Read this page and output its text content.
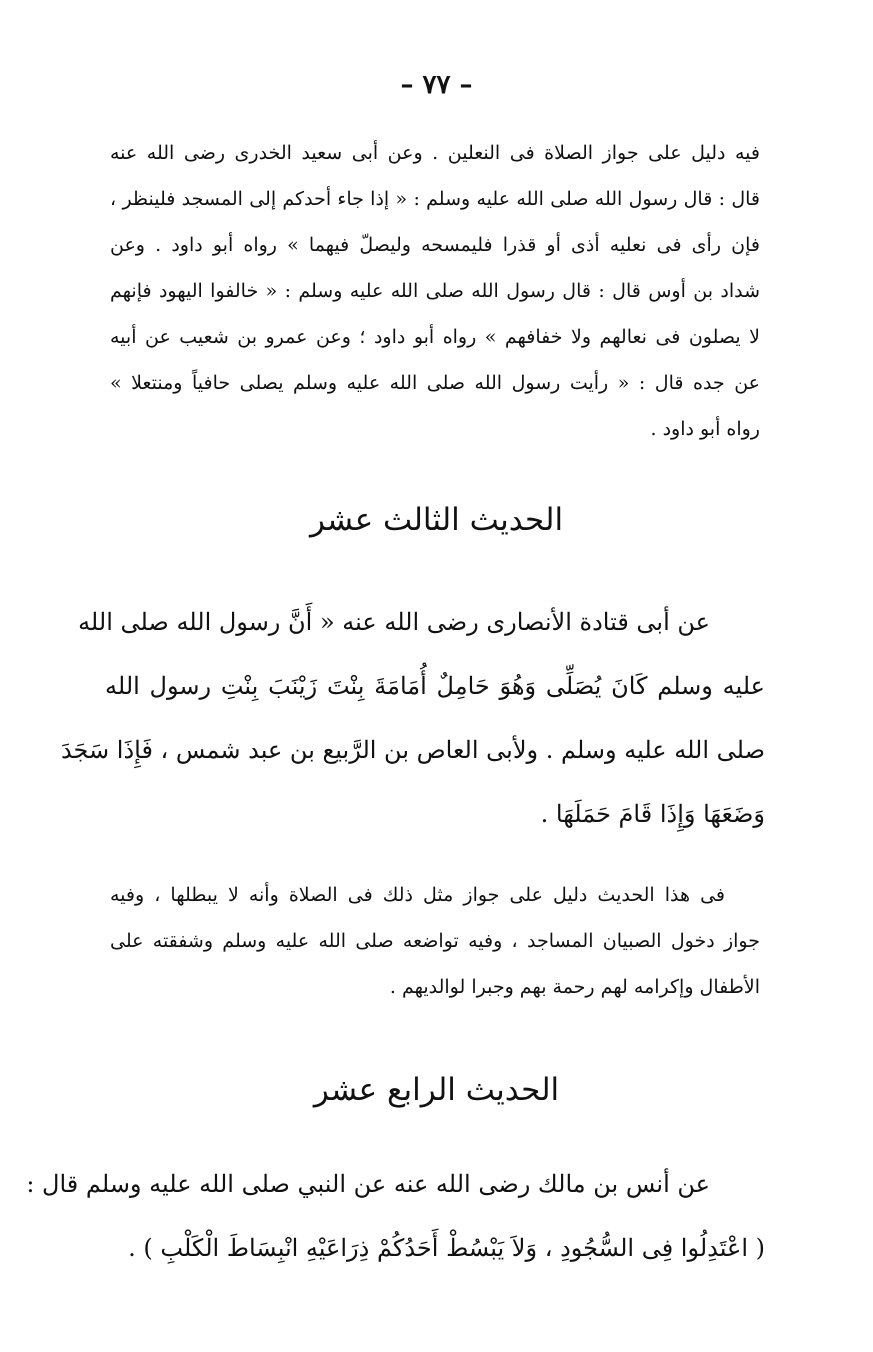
– ٧٧ –
فيه دليل على جواز الصلاة فى النعلين . وعن أبى سعيد الخدرى رضى الله عنه
قال : قال رسول الله صلى الله عليه وسلم : « إذا جاء أحدكم إلى المسجد فلينظر ،
فإن رأى فى نعليه أذى أو قذرا فليمسحه وليصلّ فيهما » رواه أبو داود . وعن
شداد بن أوس قال : قال رسول الله صلى الله عليه وسلم : « خالفوا اليهود فإنهم
لا يصلون فى نعالهم ولا خفافهم » رواه أبو داود ؛ وعن عمرو بن شعيب عن أبيه
عن جده قال : « رأيت رسول الله صلى الله عليه وسلم يصلى حافياً ومنتعلا »
رواه أبو داود .
الحديث الثالث عشر
عن أبى قتادة الأنصارى رضى الله عنه « أَنَّ رسول الله صلى الله
عليه وسلم كَانَ يُصَلِّى وَهُوَ حَامِلٌ أُمَامَةَ بِنْتَ زَيْنَبَ بِنْتِ رسول الله
صلى الله عليه وسلم . ولأبى العاص بن الرَّبيع بن عبد شمس ، فَإِذَا سَجَدَ
وَضَعَهَا وَإِذَا قَامَ حَمَلَهَا .
فى هذا الحديث دليل على جواز مثل ذلك فى الصلاة وأنه لا يبطلها ، وفيه
جواز دخول الصبيان المساجد ، وفيه تواضعه صلى الله عليه وسلم وشفقته على
الأطفال وإكرامه لهم رحمة بهم وجبرا لوالديهم .
الحديث الرابع عشر
عن أنس بن مالك رضى الله عنه عن النبي صلى الله عليه وسلم قال :
( اعْتَدِلُوا فِى السُّجُودِ ، وَلاَ يَبْسُطْ أَحَدُكُمْ ذِرَاعَيْهِ انْبِسَاطَ الْكَلْبِ ) .
